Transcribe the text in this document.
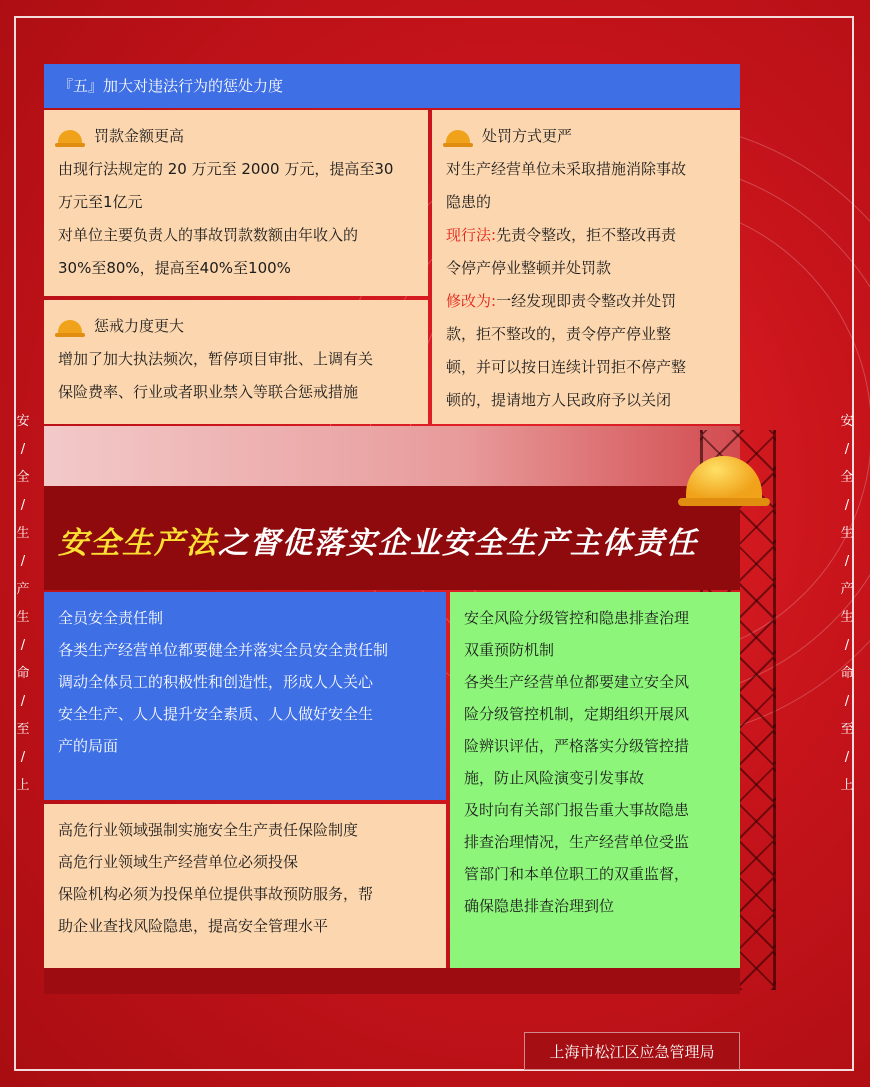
安
/
全
/
生
/
产
生
/
命
/
至
/
上
安
/
全
/
生
/
产
生
/
命
/
至
/
上
『五』加大对违法行为的惩处力度
罚款金额更高
由现行法规定的 20 万元至 2000 万元，提高至30
万元至1亿元
对单位主要负责人的事故罚款数额由年收入的
30%至80%，提高至40%至100%
惩戒力度更大
增加了加大执法频次，暂停项目审批、上调有关
保险费率、行业或者职业禁入等联合惩戒措施
处罚方式更严
对生产经营单位未采取措施消除事故
隐患的
现行法:先责令整改，拒不整改再责
令停产停业整顿并处罚款
修改为:一经发现即责令整改并处罚
款，拒不整改的，责令停产停业整
顿，并可以按日连续计罚拒不停产整
顿的，提请地方人民政府予以关闭
安全生产法之督促落实企业安全生产主体责任
全员安全责任制
各类生产经营单位都要健全并落实全员安全责任制
调动全体员工的积极性和创造性，形成人人关心
安全生产、人人提升安全素质、人人做好安全生
产的局面
高危行业领域强制实施安全生产责任保险制度
高危行业领域生产经营单位必须投保
保险机构必须为投保单位提供事故预防服务，帮
助企业查找风险隐患，提高安全管理水平
安全风险分级管控和隐患排查治理
双重预防机制
各类生产经营单位都要建立安全风
险分级管控机制，定期组织开展风
险辨识评估，严格落实分级管控措
施，防止风险演变引发事故
及时向有关部门报告重大事故隐患
排查治理情况，生产经营单位受监
管部门和本单位职工的双重监督，
确保隐患排查治理到位
上海市松江区应急管理局
